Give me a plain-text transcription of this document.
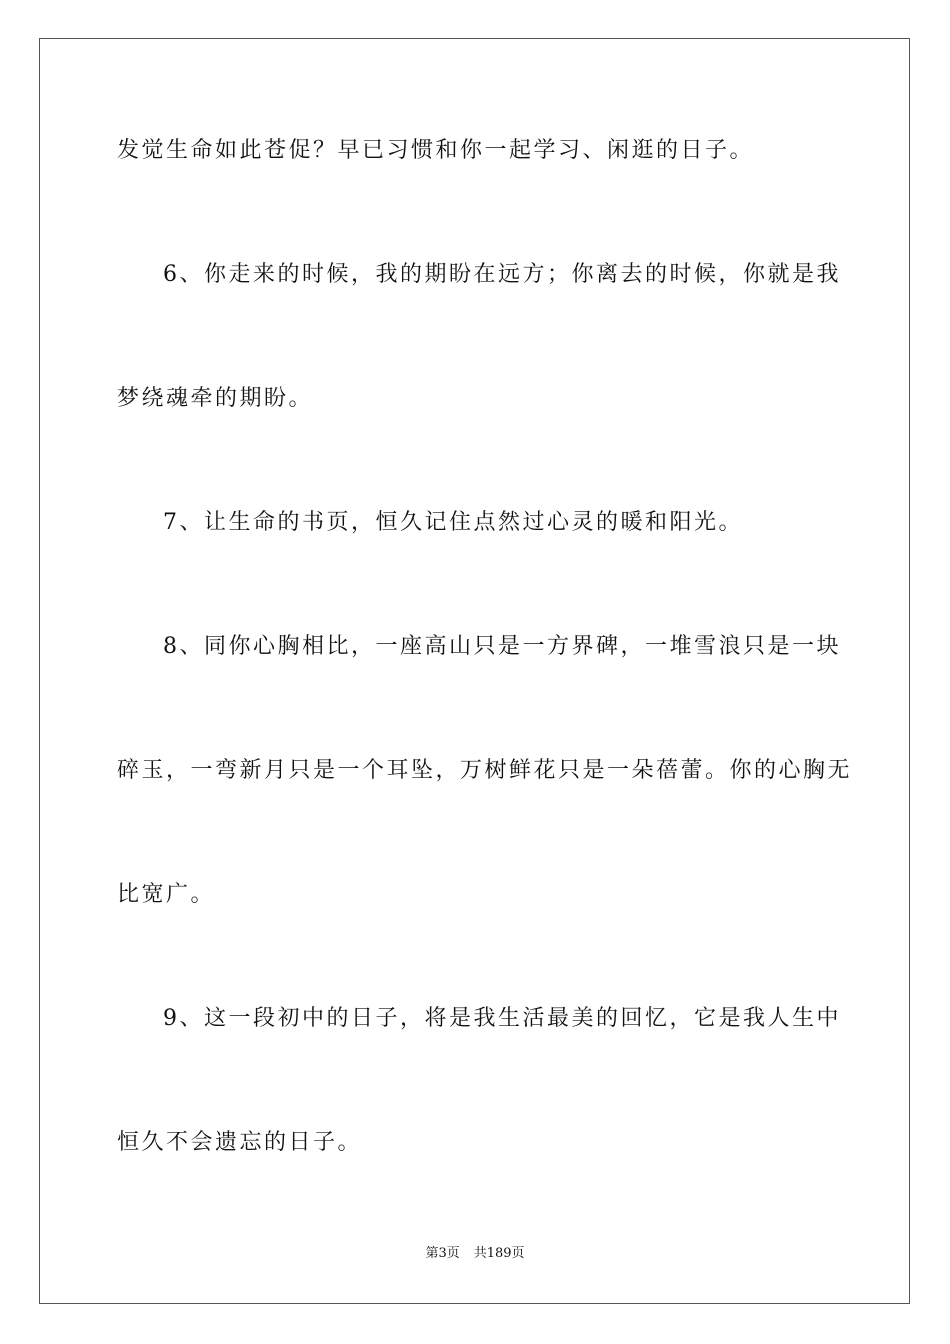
发觉生命如此苍促？早已习惯和你一起学习、闲逛的日子。
6、你走来的时候，我的期盼在远方；你离去的时候，你就是我
梦绕魂牵的期盼。
7、让生命的书页，恒久记住点然过心灵的暖和阳光。
8、同你心胸相比，一座高山只是一方界碑，一堆雪浪只是一块
碎玉，一弯新月只是一个耳坠，万树鲜花只是一朵蓓蕾。你的心胸无
比宽广。
9、这一段初中的日子，将是我生活最美的回忆，它是我人生中
恒久不会遗忘的日子。
第3页 共189页
